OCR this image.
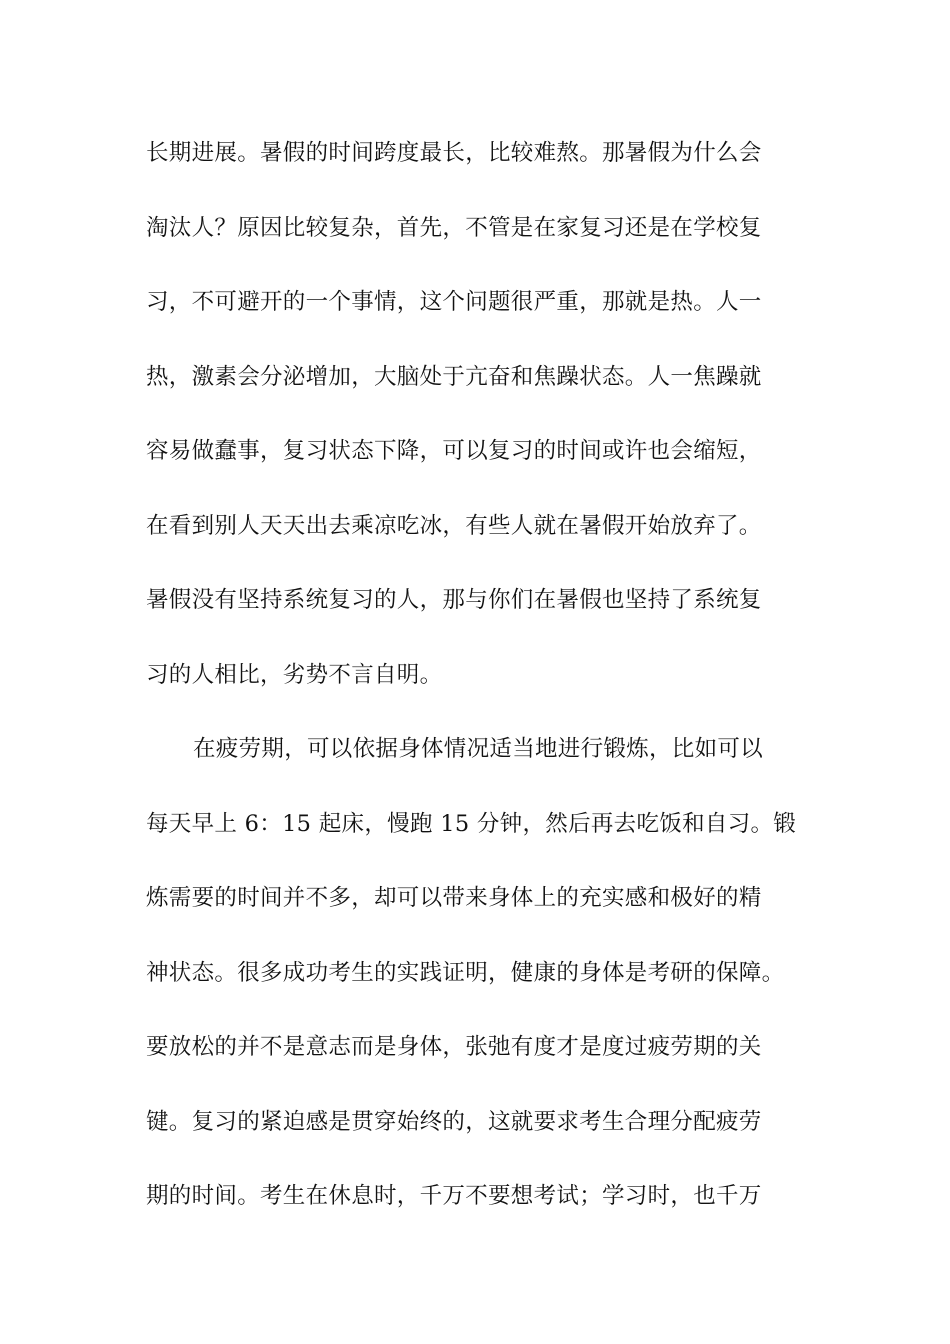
长期进展。暑假的时间跨度最长，比较难熬。那暑假为什么会
淘汰人？原因比较复杂，首先，不管是在家复习还是在学校复
习，不可避开的一个事情，这个问题很严重，那就是热。人一
热，激素会分泌增加，大脑处于亢奋和焦躁状态。人一焦躁就
容易做蠢事，复习状态下降，可以复习的时间或许也会缩短，
在看到别人天天出去乘凉吃冰，有些人就在暑假开始放弃了。
暑假没有坚持系统复习的人，那与你们在暑假也坚持了系统复
习的人相比，劣势不言自明。
在疲劳期，可以依据身体情况适当地进行锻炼，比如可以
每天早上 6：15 起床，慢跑 15 分钟，然后再去吃饭和自习。锻
炼需要的时间并不多，却可以带来身体上的充实感和极好的精
神状态。很多成功考生的实践证明，健康的身体是考研的保障。
要放松的并不是意志而是身体，张弛有度才是度过疲劳期的关
键。复习的紧迫感是贯穿始终的，这就要求考生合理分配疲劳
期的时间。考生在休息时，千万不要想考试；学习时，也千万
